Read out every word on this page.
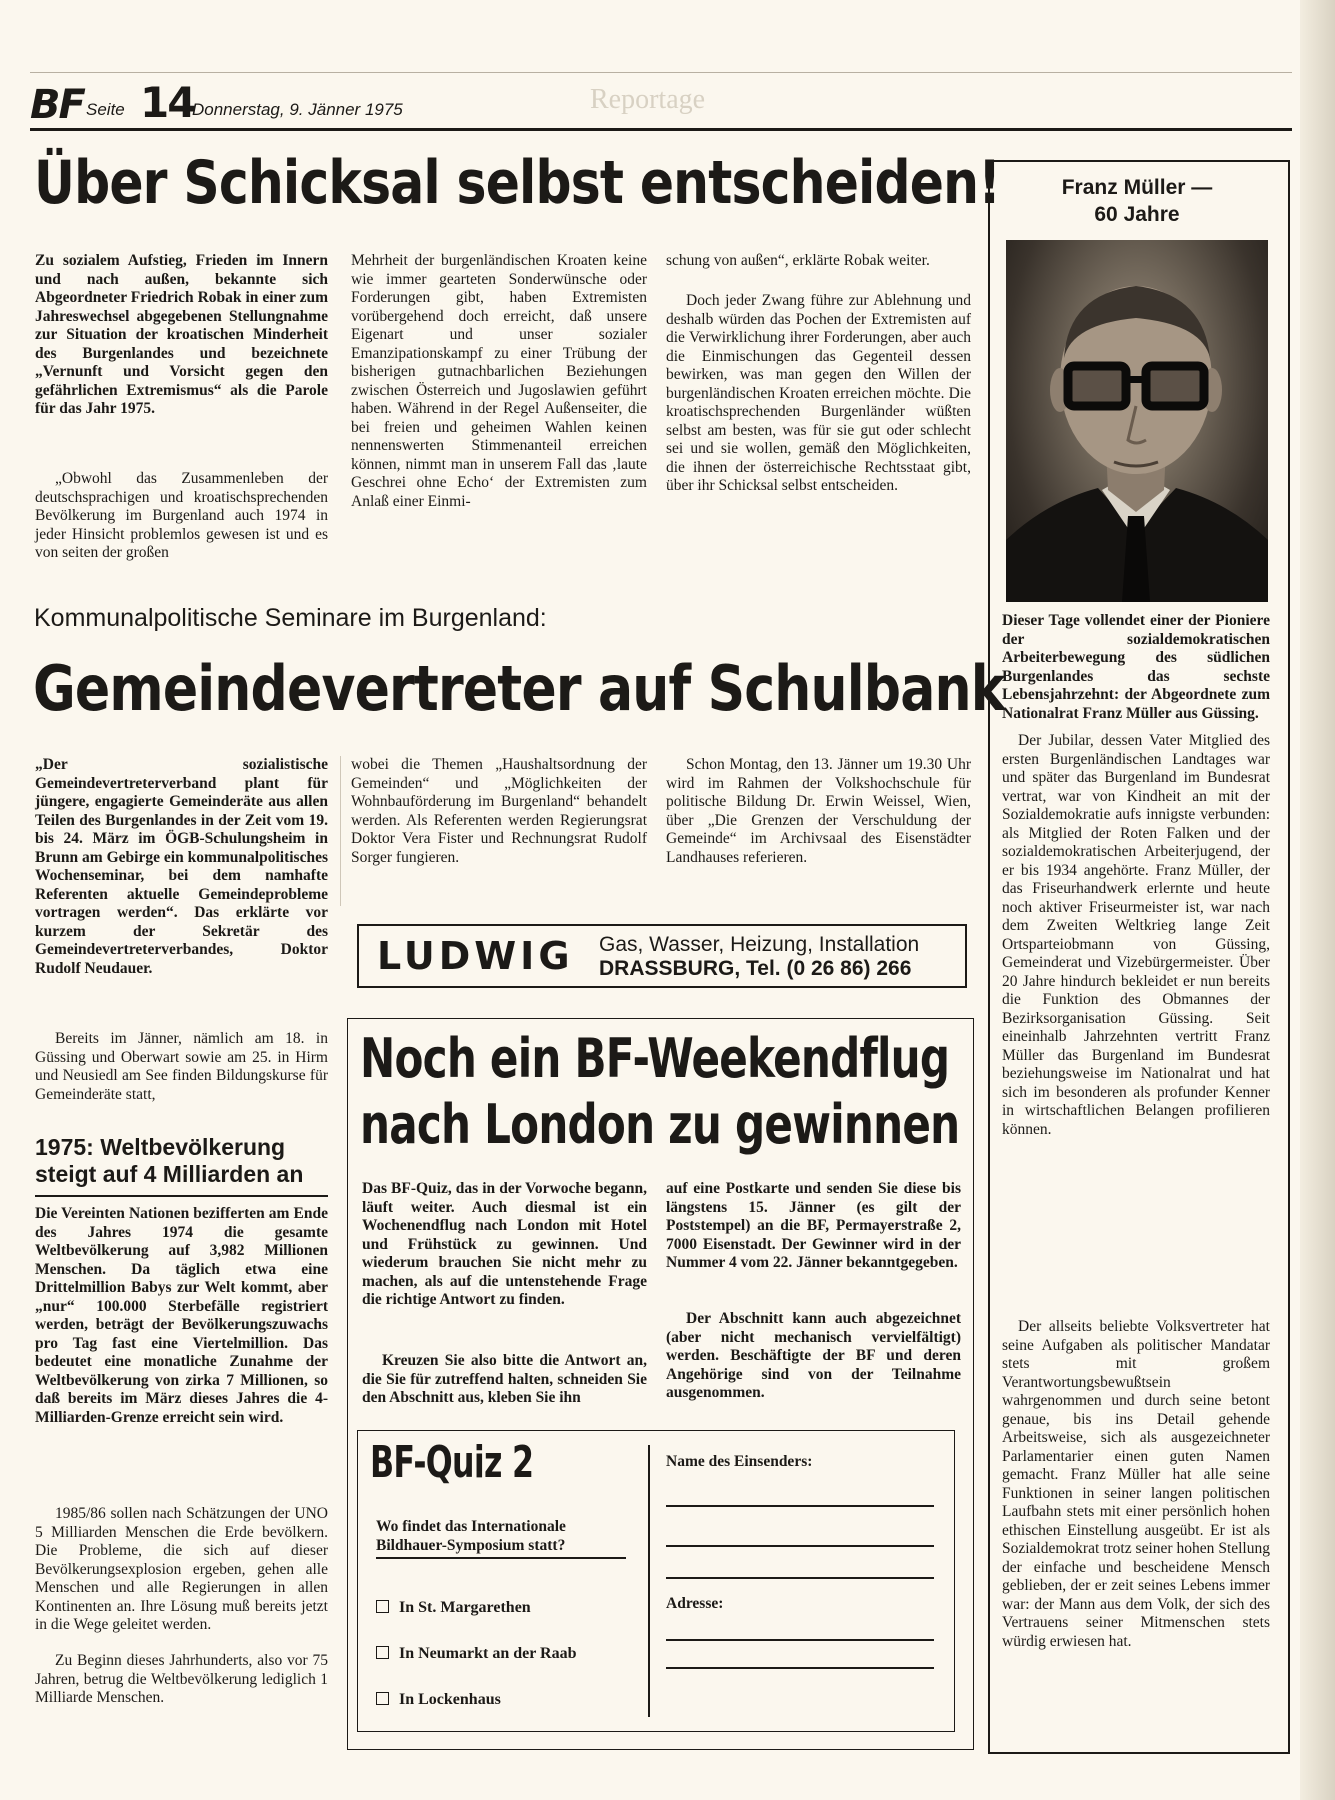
BF Seite 14
Donnerstag, 9. Jänner 1975	Reportage
Über Schicksal selbst entscheiden!
Zu sozialem Aufstieg, Frieden im Innern und nach außen, bekannte sich Abgeordneter Friedrich Robak in einer zum Jahreswechsel abgegebenen Stellungnahme zur Situation der kroatischen Minderheit des Burgenlandes und bezeichnete „Vernunft und Vorsicht gegen den gefährlichen Extremismus“ als die Parole für das Jahr 1975.
„Obwohl das Zusammenleben der deutschsprachigen und kroatischsprechenden Bevölkerung im Burgenland auch 1974 in jeder Hinsicht problemlos gewesen ist und es von seiten der großen
Mehrheit der burgenländischen Kroaten keine wie immer gearteten Sonderwünsche oder Forderungen gibt, haben Extremisten vorübergehend doch erreicht, daß unsere Eigenart und unser sozialer Emanzipationskampf zu einer Trübung der bisherigen gutnachbarlichen Beziehungen zwischen Österreich und Jugoslawien geführt haben. Während in der Regel Außenseiter, die bei freien und geheimen Wahlen keinen nennenswerten Stimmenanteil erreichen können, nimmt man in unserem Fall das ‚laute Geschrei ohne Echo‘ der Extremisten zum Anlaß einer Einmi-
schung von außen“, erklärte Robak weiter.
Doch jeder Zwang führe zur Ablehnung und deshalb würden das Pochen der Extremisten auf die Verwirklichung ihrer Forderungen, aber auch die Einmischungen das Gegenteil dessen bewirken, was man gegen den Willen der burgenländischen Kroaten erreichen möchte. Die kroatischsprechenden Burgenländer wüßten selbst am besten, was für sie gut oder schlecht sei und sie wollen, gemäß den Möglichkeiten, die ihnen der österreichische Rechtsstaat gibt, über ihr Schicksal selbst entscheiden.
Kommunalpolitische Seminare im Burgenland:
Gemeindevertreter auf Schulbank
„Der sozialistische Gemeindevertreterverband plant für jüngere, engagierte Gemeinderäte aus allen Teilen des Burgenlandes in der Zeit vom 19. bis 24. März im ÖGB-Schulungsheim in Brunn am Gebirge ein kommunalpolitisches Wochenseminar, bei dem namhafte Referenten aktuelle Gemeindeprobleme vortragen werden“. Das erklärte vor kurzem der Sekretär des Gemeindevertreterverbandes, Doktor Rudolf Neudauer.
Bereits im Jänner, nämlich am 18. in Güssing und Oberwart sowie am 25. in Hirm und Neusiedl am See finden Bildungskurse für Gemeinderäte statt,
wobei die Themen „Haushaltsordnung der Gemeinden“ und „Möglichkeiten der Wohnbauförderung im Burgenland“ behandelt werden. Als Referenten werden Regierungsrat Doktor Vera Fister und Rechnungsrat Rudolf Sorger fungieren.
Schon Montag, den 13. Jänner um 19.30 Uhr wird im Rahmen der Volkshochschule für politische Bildung Dr. Erwin Weissel, Wien, über „Die Grenzen der Verschuldung der Gemeinde“ im Archivsaal des Eisenstädter Landhauses referieren.
LUDWIG Gas, Wasser, Heizung, Installation
DRASSBURG, Tel. (0 26 86) 266
1975: Weltbevölkerung
steigt auf 4 Milliarden an
Die Vereinten Nationen bezifferten am Ende des Jahres 1974 die gesamte Weltbevölkerung auf 3,982 Millionen Menschen. Da täglich etwa eine Drittelmillion Babys zur Welt kommt, aber „nur“ 100.000 Sterbefälle registriert werden, beträgt der Bevölkerungszuwachs pro Tag fast eine Viertelmillion. Das bedeutet eine monatliche Zunahme der Weltbevölkerung von zirka 7 Millionen, so daß bereits im März dieses Jahres die 4-Milliarden-Grenze erreicht sein wird.
1985/86 sollen nach Schätzungen der UNO 5 Milliarden Menschen die Erde bevölkern. Die Probleme, die sich auf dieser Bevölkerungsexplosion ergeben, gehen alle Menschen und alle Regierungen in allen Kontinenten an. Ihre Lösung muß bereits jetzt in die Wege geleitet werden.
Zu Beginn dieses Jahrhunderts, also vor 75 Jahren, betrug die Weltbevölkerung lediglich 1 Milliarde Menschen.
Noch ein BF-Weekendflug
nach London zu gewinnen
Das BF-Quiz, das in der Vorwoche begann, läuft weiter. Auch diesmal ist ein Wochenendflug nach London mit Hotel und Frühstück zu gewinnen. Und wiederum brauchen Sie nicht mehr zu machen, als auf die untenstehende Frage die richtige Antwort zu finden.
Kreuzen Sie also bitte die Antwort an, die Sie für zutreffend halten, schneiden Sie den Abschnitt aus, kleben Sie ihn
auf eine Postkarte und senden Sie diese bis längstens 15. Jänner (es gilt der Poststempel) an die BF, Permayerstraße 2, 7000 Eisenstadt. Der Gewinner wird in der Nummer 4 vom 22. Jänner bekanntgegeben.
Der Abschnitt kann auch abgezeichnet (aber nicht mechanisch vervielfältigt) werden. Beschäftigte der BF und deren Angehörige sind von der Teilnahme ausgenommen.
BF-Quiz 2
Wo findet das Internationale Bildhauer-Symposium statt?
In St. Margarethen
In Neumarkt an der Raab
In Lockenhaus
Name des Einsenders:
Adresse:
Franz Müller —
60 Jahre
Dieser Tage vollendet einer der Pioniere der sozialdemokratischen Arbeiterbewegung des südlichen Burgenlandes das sechste Lebensjahrzehnt: der Abgeordnete zum Nationalrat Franz Müller aus Güssing.
Der Jubilar, dessen Vater Mitglied des ersten Burgenländischen Landtages war und später das Burgenland im Bundesrat vertrat, war von Kindheit an mit der Sozialdemokratie aufs innigste verbunden: als Mitglied der Roten Falken und der sozialdemokratischen Arbeiterjugend, der er bis 1934 angehörte. Franz Müller, der das Friseurhandwerk erlernte und heute noch aktiver Friseurmeister ist, war nach dem Zweiten Weltkrieg lange Zeit Ortsparteiobmann von Güssing, Gemeinderat und Vizebürgermeister. Über 20 Jahre hindurch bekleidet er nun bereits die Funktion des Obmannes der Bezirksorganisation Güssing. Seit eineinhalb Jahrzehnten vertritt Franz Müller das Burgenland im Bundesrat beziehungsweise im Nationalrat und hat sich im besonderen als profunder Kenner in wirtschaftlichen Belangen profilieren können.
Der allseits beliebte Volksvertreter hat seine Aufgaben als politischer Mandatar stets mit großem Verantwortungsbewußtsein wahrgenommen und durch seine betont genaue, bis ins Detail gehende Arbeitsweise, sich als ausgezeichneter Parlamentarier einen guten Namen gemacht. Franz Müller hat alle seine Funktionen in seiner langen politischen Laufbahn stets mit einer persönlich hohen ethischen Einstellung ausgeübt. Er ist als Sozialdemokrat trotz seiner hohen Stellung der einfache und bescheidene Mensch geblieben, der er zeit seines Lebens immer war: der Mann aus dem Volk, der sich des Vertrauens seiner Mitmenschen stets würdig erwiesen hat.
